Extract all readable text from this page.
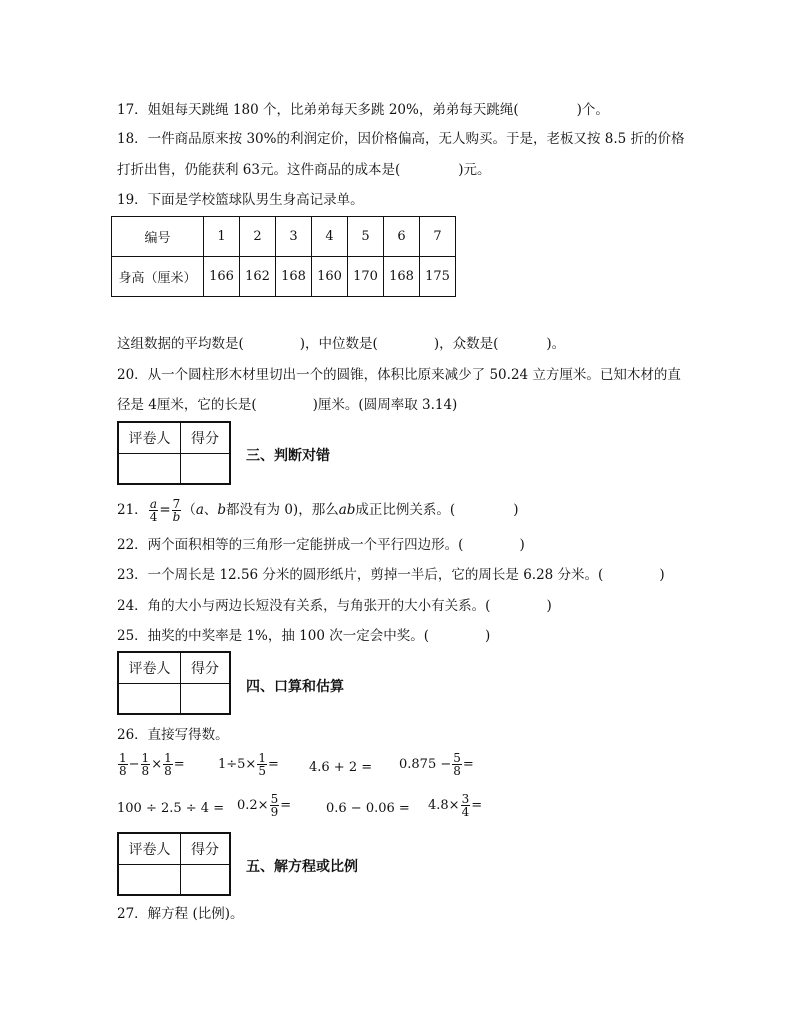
17．姐姐每天跳绳 180 个，比弟弟每天多跳 20%，弟弟每天跳绳(	)个。
18．一件商品原来按 30%的利润定价，因价格偏高，无人购买。于是，老板又按 8.5 折的价格
打折出售，仍能获利 63元。这件商品的成本是(	)元。
19．下面是学校篮球队男生身高记录单。
编号	1	2	3	4	5	6	7
身高（厘米）	166	162	168	160	170	168	175
这组数据的平均数是(	)，中位数是(	)，众数是(	)。
20．从一个圆柱形木材里切出一个的圆锥，体积比原来减少了 50.24 立方厘米。已知木材的直
径是 4厘米，它的长是(	)厘米。(圆周率取 3.14)
评卷人	得分
三、判断对错
21． $\frac{a}{4} = \frac{7}{b} (a$、b都没有为 0)，那么ab成正比例关系。(	)
22．两个面积相等的三角形一定能拼成一个平行四边形。(	)
23．一个周长是 12.56 分米的圆形纸片，剪掉一半后，它的周长是 6.28 分米。(	)
24．角的大小与两边长短没有关系，与角张开的大小有关系。(	)
25．抽奖的中奖率是 1%，抽 100 次一定会中奖。(	)
评卷人	得分
四、口算和估算
26．直接写得数。
$\frac{1}{8} - \frac{1}{8} \times \frac{1}{8}$ =	$1\div 5\times \frac{1}{5} = 4.6 + 2 = 0.875 - \frac{5}{8}$ =
$100 \div 2.5 \div 4 = 0.2\times \frac{5}{9}$ =	$0.6 - 0.06 = 4.8\times \frac{3}{4}$ =
评卷人	得分
五、解方程或比例
27．解方程 (比例)。
